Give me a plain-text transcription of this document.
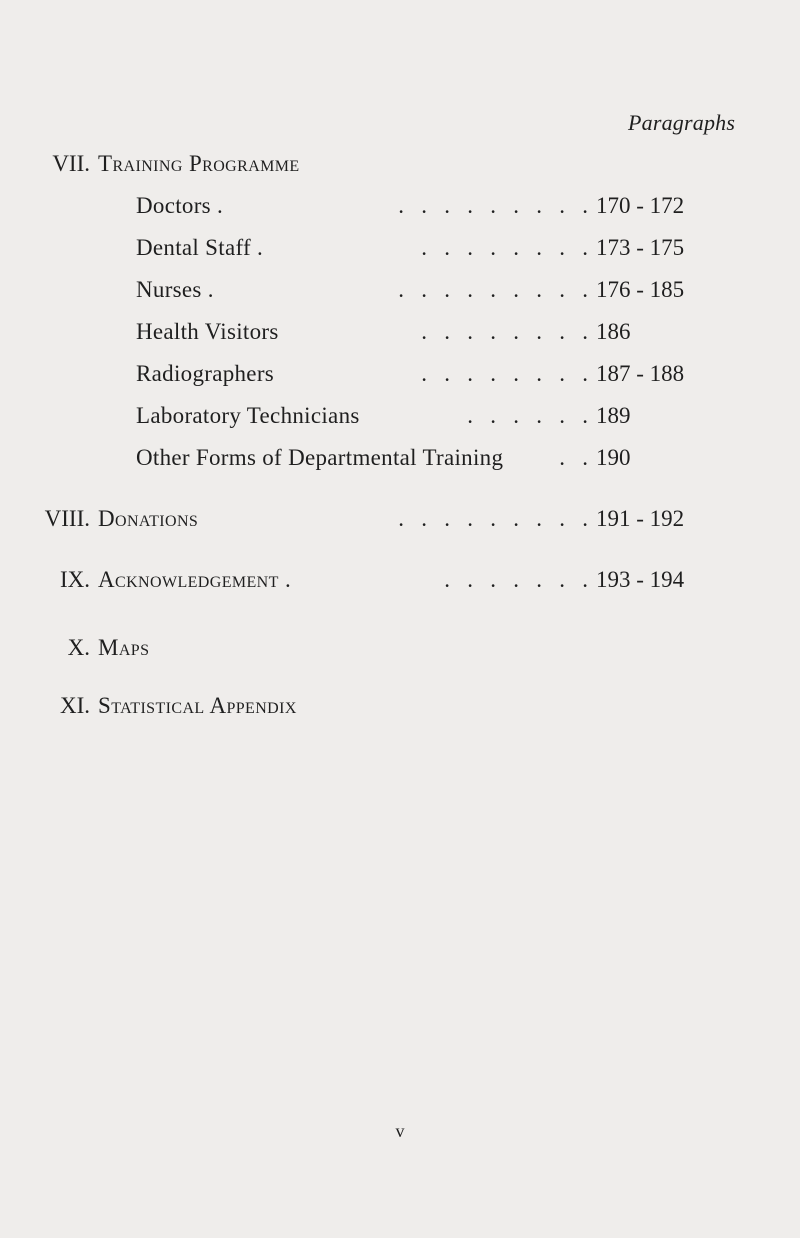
Paragraphs
VII. Training Programme
Doctors .	.   .   .   .   .   .   .   .   . 170 - 172
Dental Staff .	.   .   .   .   .   .   .   . 173 - 175
Nurses .	.   .   .   .   .   .   .   .   . 176 - 185
Health Visitors	.   .   .   .   .   .   .   . 186
Radiographers	.   .   .   .   .   .   .   . 187 - 188
Laboratory Technicians	.   .   .   .   .   . 189
Other Forms of Departmental Training .   . 190
VIII. Donations	.   .   .   .   .   .   .   .   . 191 - 192
IX. Acknowledgement .	.   .   .   .   .   .   . 193 - 194
X. Maps
XI. Statistical Appendix
v
